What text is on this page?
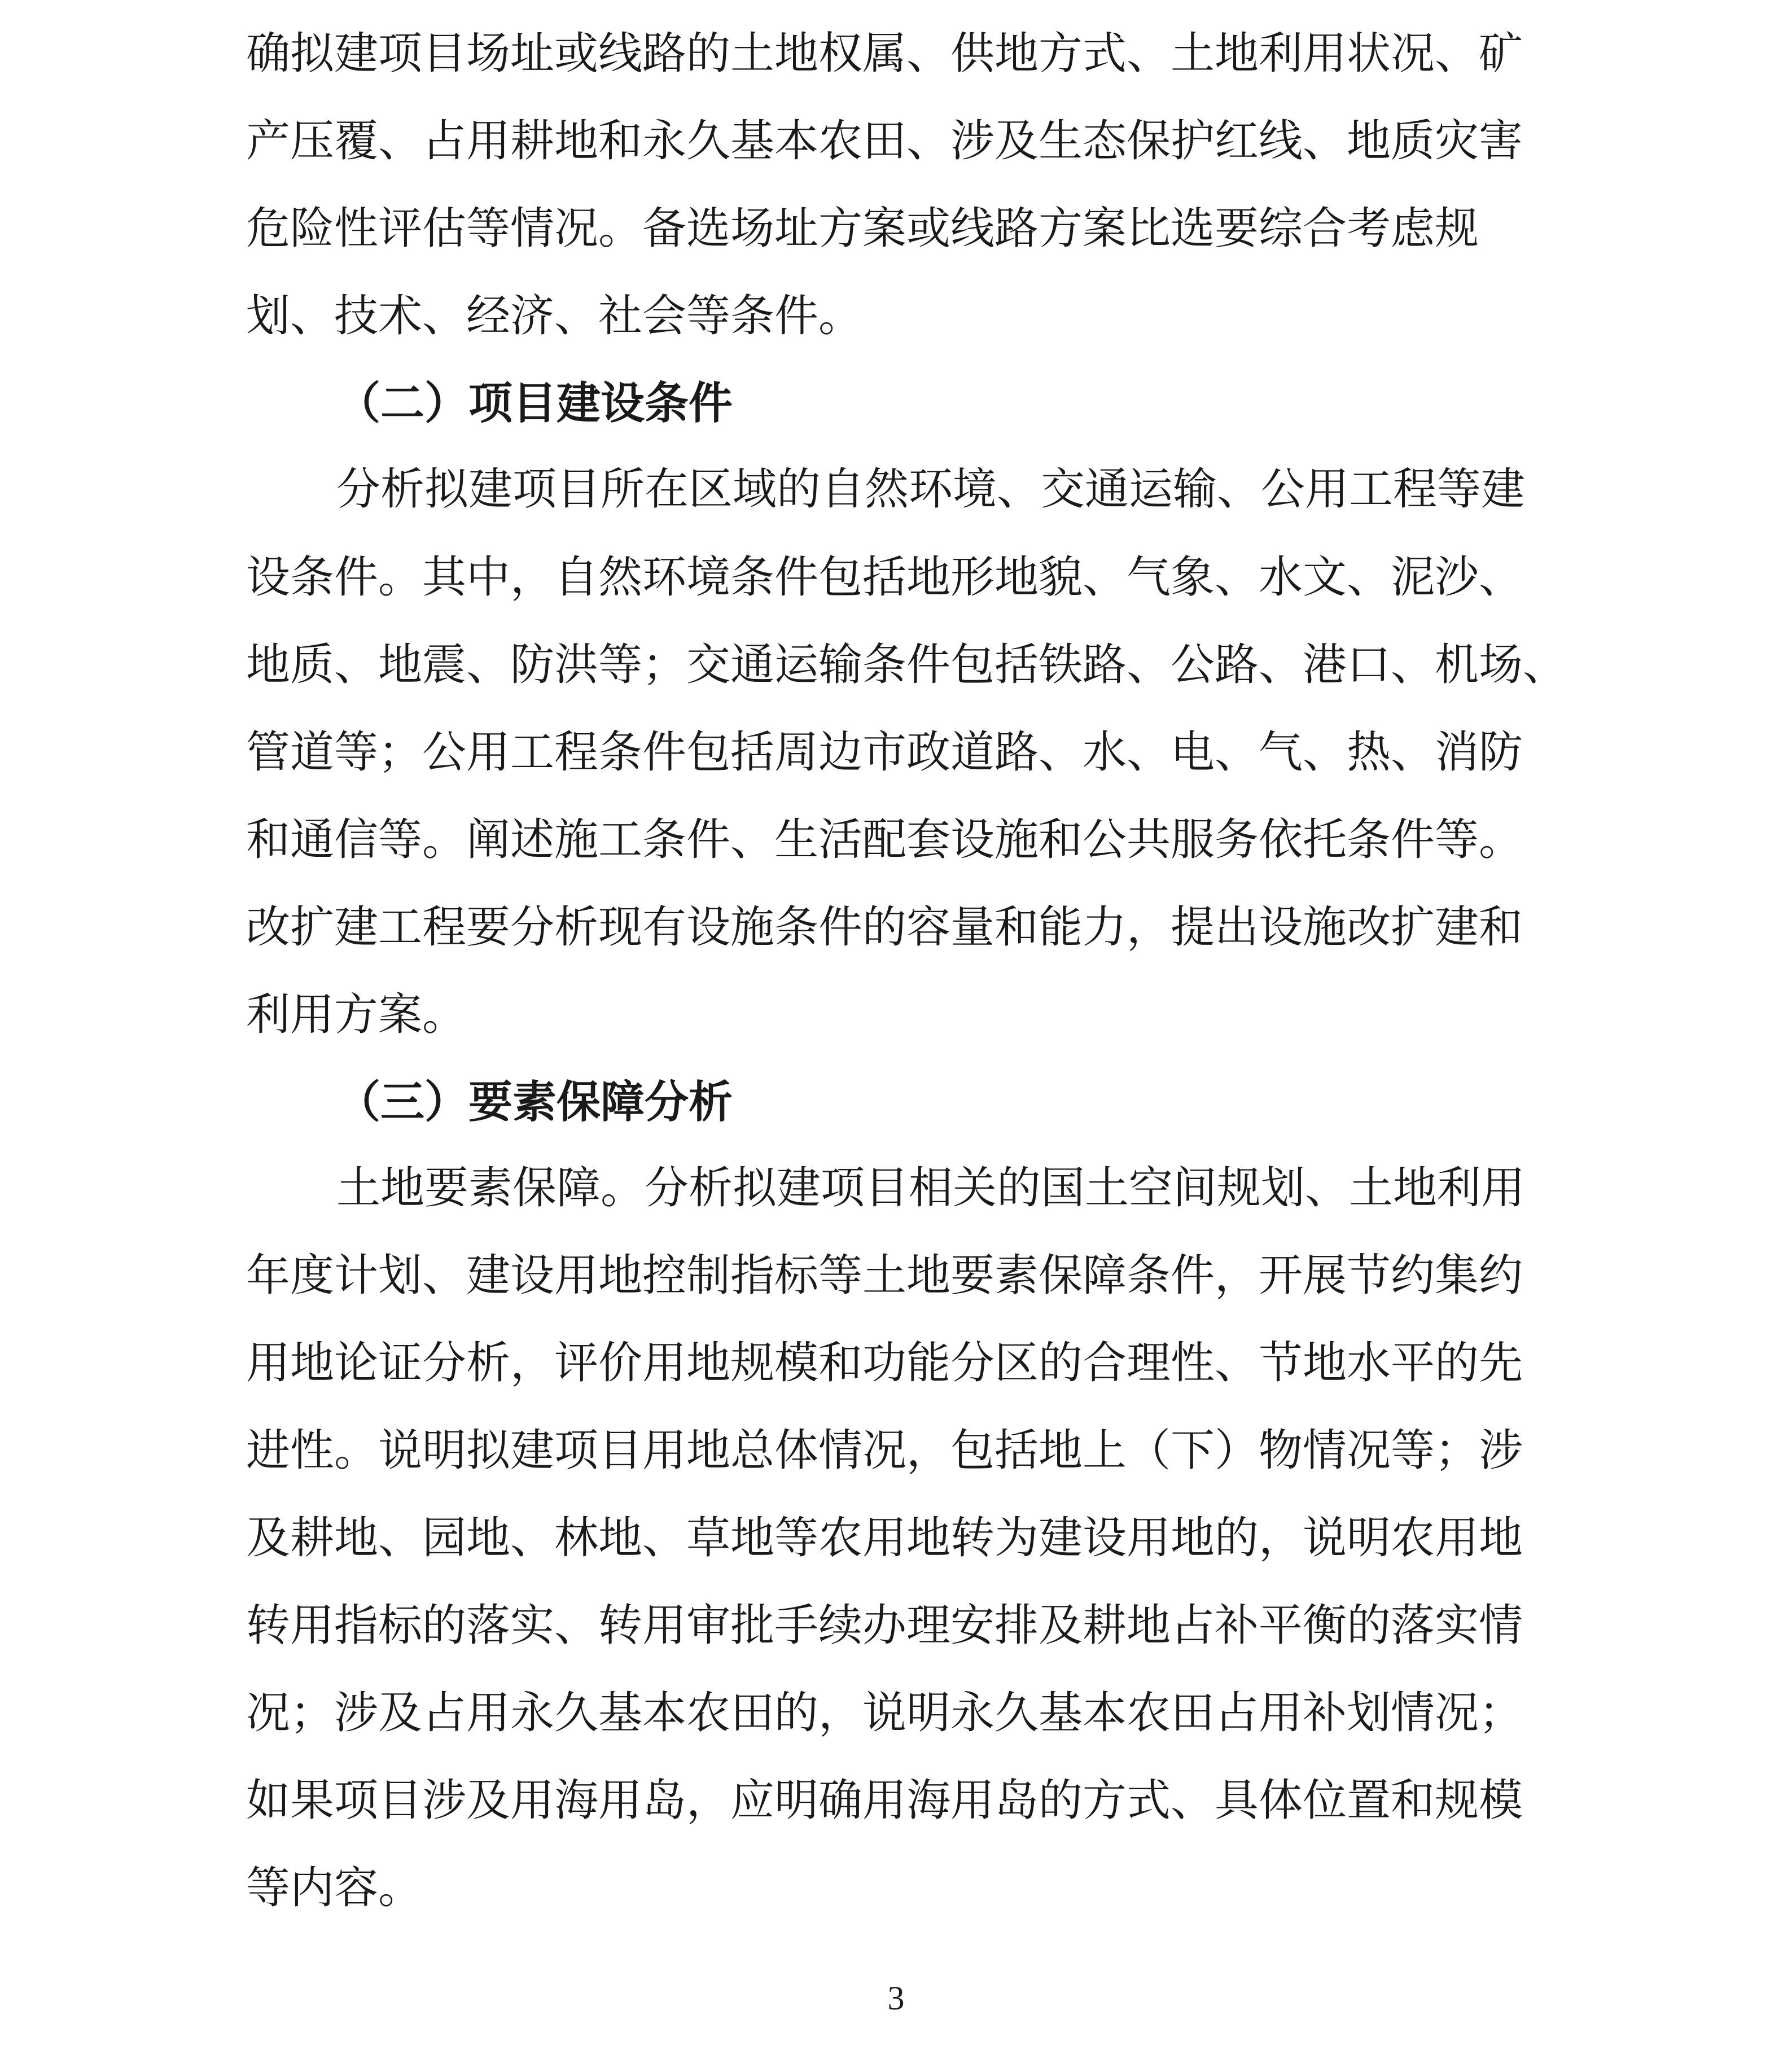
确拟建项目场址或线路的土地权属、供地方式、土地利用状况、矿
产压覆、占用耕地和永久基本农田、涉及生态保护红线、地质灾害
危险性评估等情况。备选场址方案或线路方案比选要综合考虑规
划、技术、经济、社会等条件。
（二）项目建设条件
分析拟建项目所在区域的自然环境、交通运输、公用工程等建
设条件。其中，自然环境条件包括地形地貌、气象、水文、泥沙、
地质、地震、防洪等；交通运输条件包括铁路、公路、港口、机场、
管道等；公用工程条件包括周边市政道路、水、电、气、热、消防
和通信等。阐述施工条件、生活配套设施和公共服务依托条件等。
改扩建工程要分析现有设施条件的容量和能力，提出设施改扩建和
利用方案。
（三）要素保障分析
土地要素保障。分析拟建项目相关的国土空间规划、土地利用
年度计划、建设用地控制指标等土地要素保障条件，开展节约集约
用地论证分析，评价用地规模和功能分区的合理性、节地水平的先
进性。说明拟建项目用地总体情况，包括地上（下）物情况等；涉
及耕地、园地、林地、草地等农用地转为建设用地的，说明农用地
转用指标的落实、转用审批手续办理安排及耕地占补平衡的落实情
况；涉及占用永久基本农田的，说明永久基本农田占用补划情况；
如果项目涉及用海用岛，应明确用海用岛的方式、具体位置和规模
等内容。
3
